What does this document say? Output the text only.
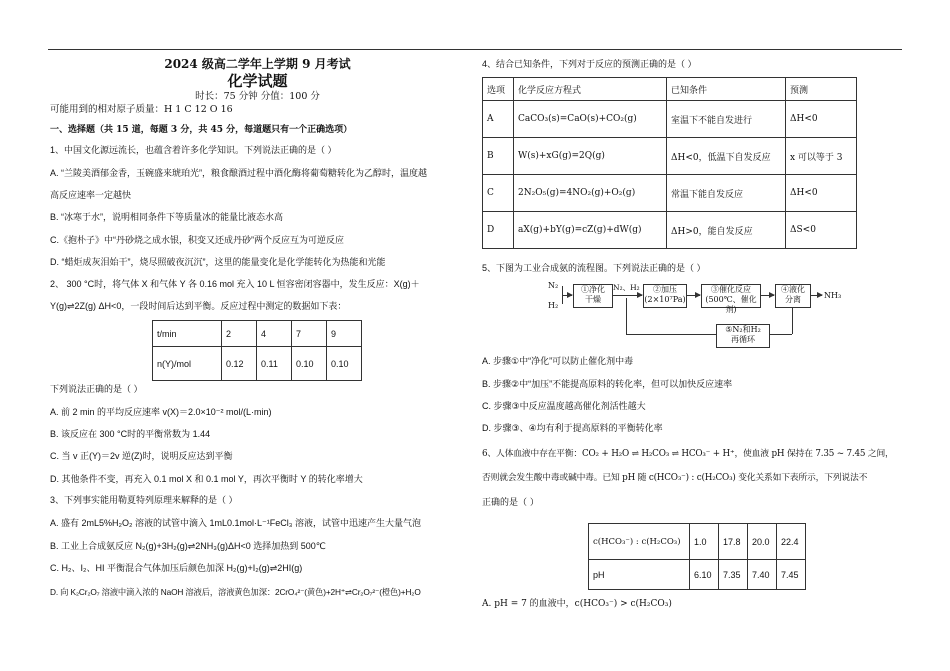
2024 级高二学年上学期 9 月考试
化学试题
时长：75 分钟 分值：100 分
可能用到的相对原子质量：H 1 C 12 O 16
一、选择题（共 15 道，每题 3 分，共 45 分，每道题只有一个正确选项）
1、中国文化源远流长，也蕴含着许多化学知识。下列说法正确的是（ ）
A. “兰陵美酒郁金香，玉碗盛来琥珀光”，粮食酿酒过程中酒化酶将葡萄糖转化为乙醇时，温度越
高反应速率一定越快
B. “冰寒于水”，说明相同条件下等质量冰的能量比液态水高
C.《抱朴子》中“丹砂烧之成水银，积变又还成丹砂”两个反应互为可逆反应
D. “蜡炬成灰泪始干”，烧尽照破夜沉沉”，这里的能量变化是化学能转化为热能和光能
2、 300 °C时，将气体 X 和气体 Y 各 0.16 mol 充入 10 L 恒容密闭容器中，发生反应：X(g)＋
Y(g)⇌2Z(g) ΔH<0，一段时间后达到平衡。反应过程中测定的数据如下表：
t/min	2	4	7	9
n(Y)/mol	0.12	0.11	0.10	0.10
下列说法正确的是（ ）
A. 前 2 min 的平均反应速率 v(X)＝2.0×10⁻² mol/(L·min)
B. 该反应在 300 °C时的平衡常数为 1.44
C. 当 v 正(Y)＝2v 逆(Z)时，说明反应达到平衡
D. 其他条件不变，再充入 0.1 mol X 和 0.1 mol Y，再次平衡时 Y 的转化率增大
3、下列事实能用勒夏特列原理来解释的是（ ）
A. 盛有 2mL5%H₂O₂ 溶液的试管中滴入 1mL0.1mol·L⁻¹FeCl₃ 溶液，试管中迅速产生大量气泡
B. 工业上合成氨反应 N₂(g)+3H₂(g)⇌2NH₃(g)ΔH<0 选择加热到 500℃
C. H₂、I₂、HI 平衡混合气体加压后颜色加深 H₂(g)+I₂(g)⇌2HI(g)
D. 向 K₂Cr₂O₇ 溶液中滴入浓的 NaOH 溶液后，溶液黄色加深：2CrO₄²⁻(黄色)+2H⁺⇌Cr₂O₇²⁻(橙色)+H₂O
4、结合已知条件，下列对于反应的预测正确的是（ ）
选项	化学反应方程式	已知条件	预测
A	CaCO₃(s)=CaO(s)+CO₂(g)	室温下不能自发进行	ΔH<0
B	W(s)+xG(g)=2Q(g)	ΔH<0，低温下自发反应	x 可以等于 3
C	2N₂O₅(g)=4NO₂(g)+O₂(g)	常温下能自发反应	ΔH<0
D	aX(g)+bY(g)=cZ(g)+dW(g)	ΔH>0，能自发反应	ΔS<0
5、下图为工业合成氨的流程图。下列说法正确的是（ ）
N₂
H₂
①净化
干燥
N₂、H₂	②加压
(2×10⁷Pa)
③催化反应
(500℃、催化剂)
④液化
分离	NH₃
⑤N₂和H₂
再循环
A. 步骤①中“净化”可以防止催化剂中毒
B. 步骤②中“加压”不能提高原料的转化率，但可以加快反应速率
C. 步骤③中反应温度越高催化剂活性越大
D. 步骤③、④均有利于提高原料的平衡转化率
6、人体血液中存在平衡：CO₂ + H₂O ⇌ H₂CO₃ ⇌ HCO₃⁻ + H⁺，使血液 pH 保持在 7.35 ~ 7.45 之间，
否则就会发生酸中毒或碱中毒。已知 pH 随 c(HCO₃⁻) : c(H₂CO₃) 变化关系如下表所示，下列说法不
正确的是（ ）
c(HCO₃⁻) : c(H₂CO₃)	1.0	17.8	20.0	22.4
pH	6.10	7.35	7.40	7.45
A. pH = 7 的血液中，c(HCO₃⁻) > c(H₂CO₃)
